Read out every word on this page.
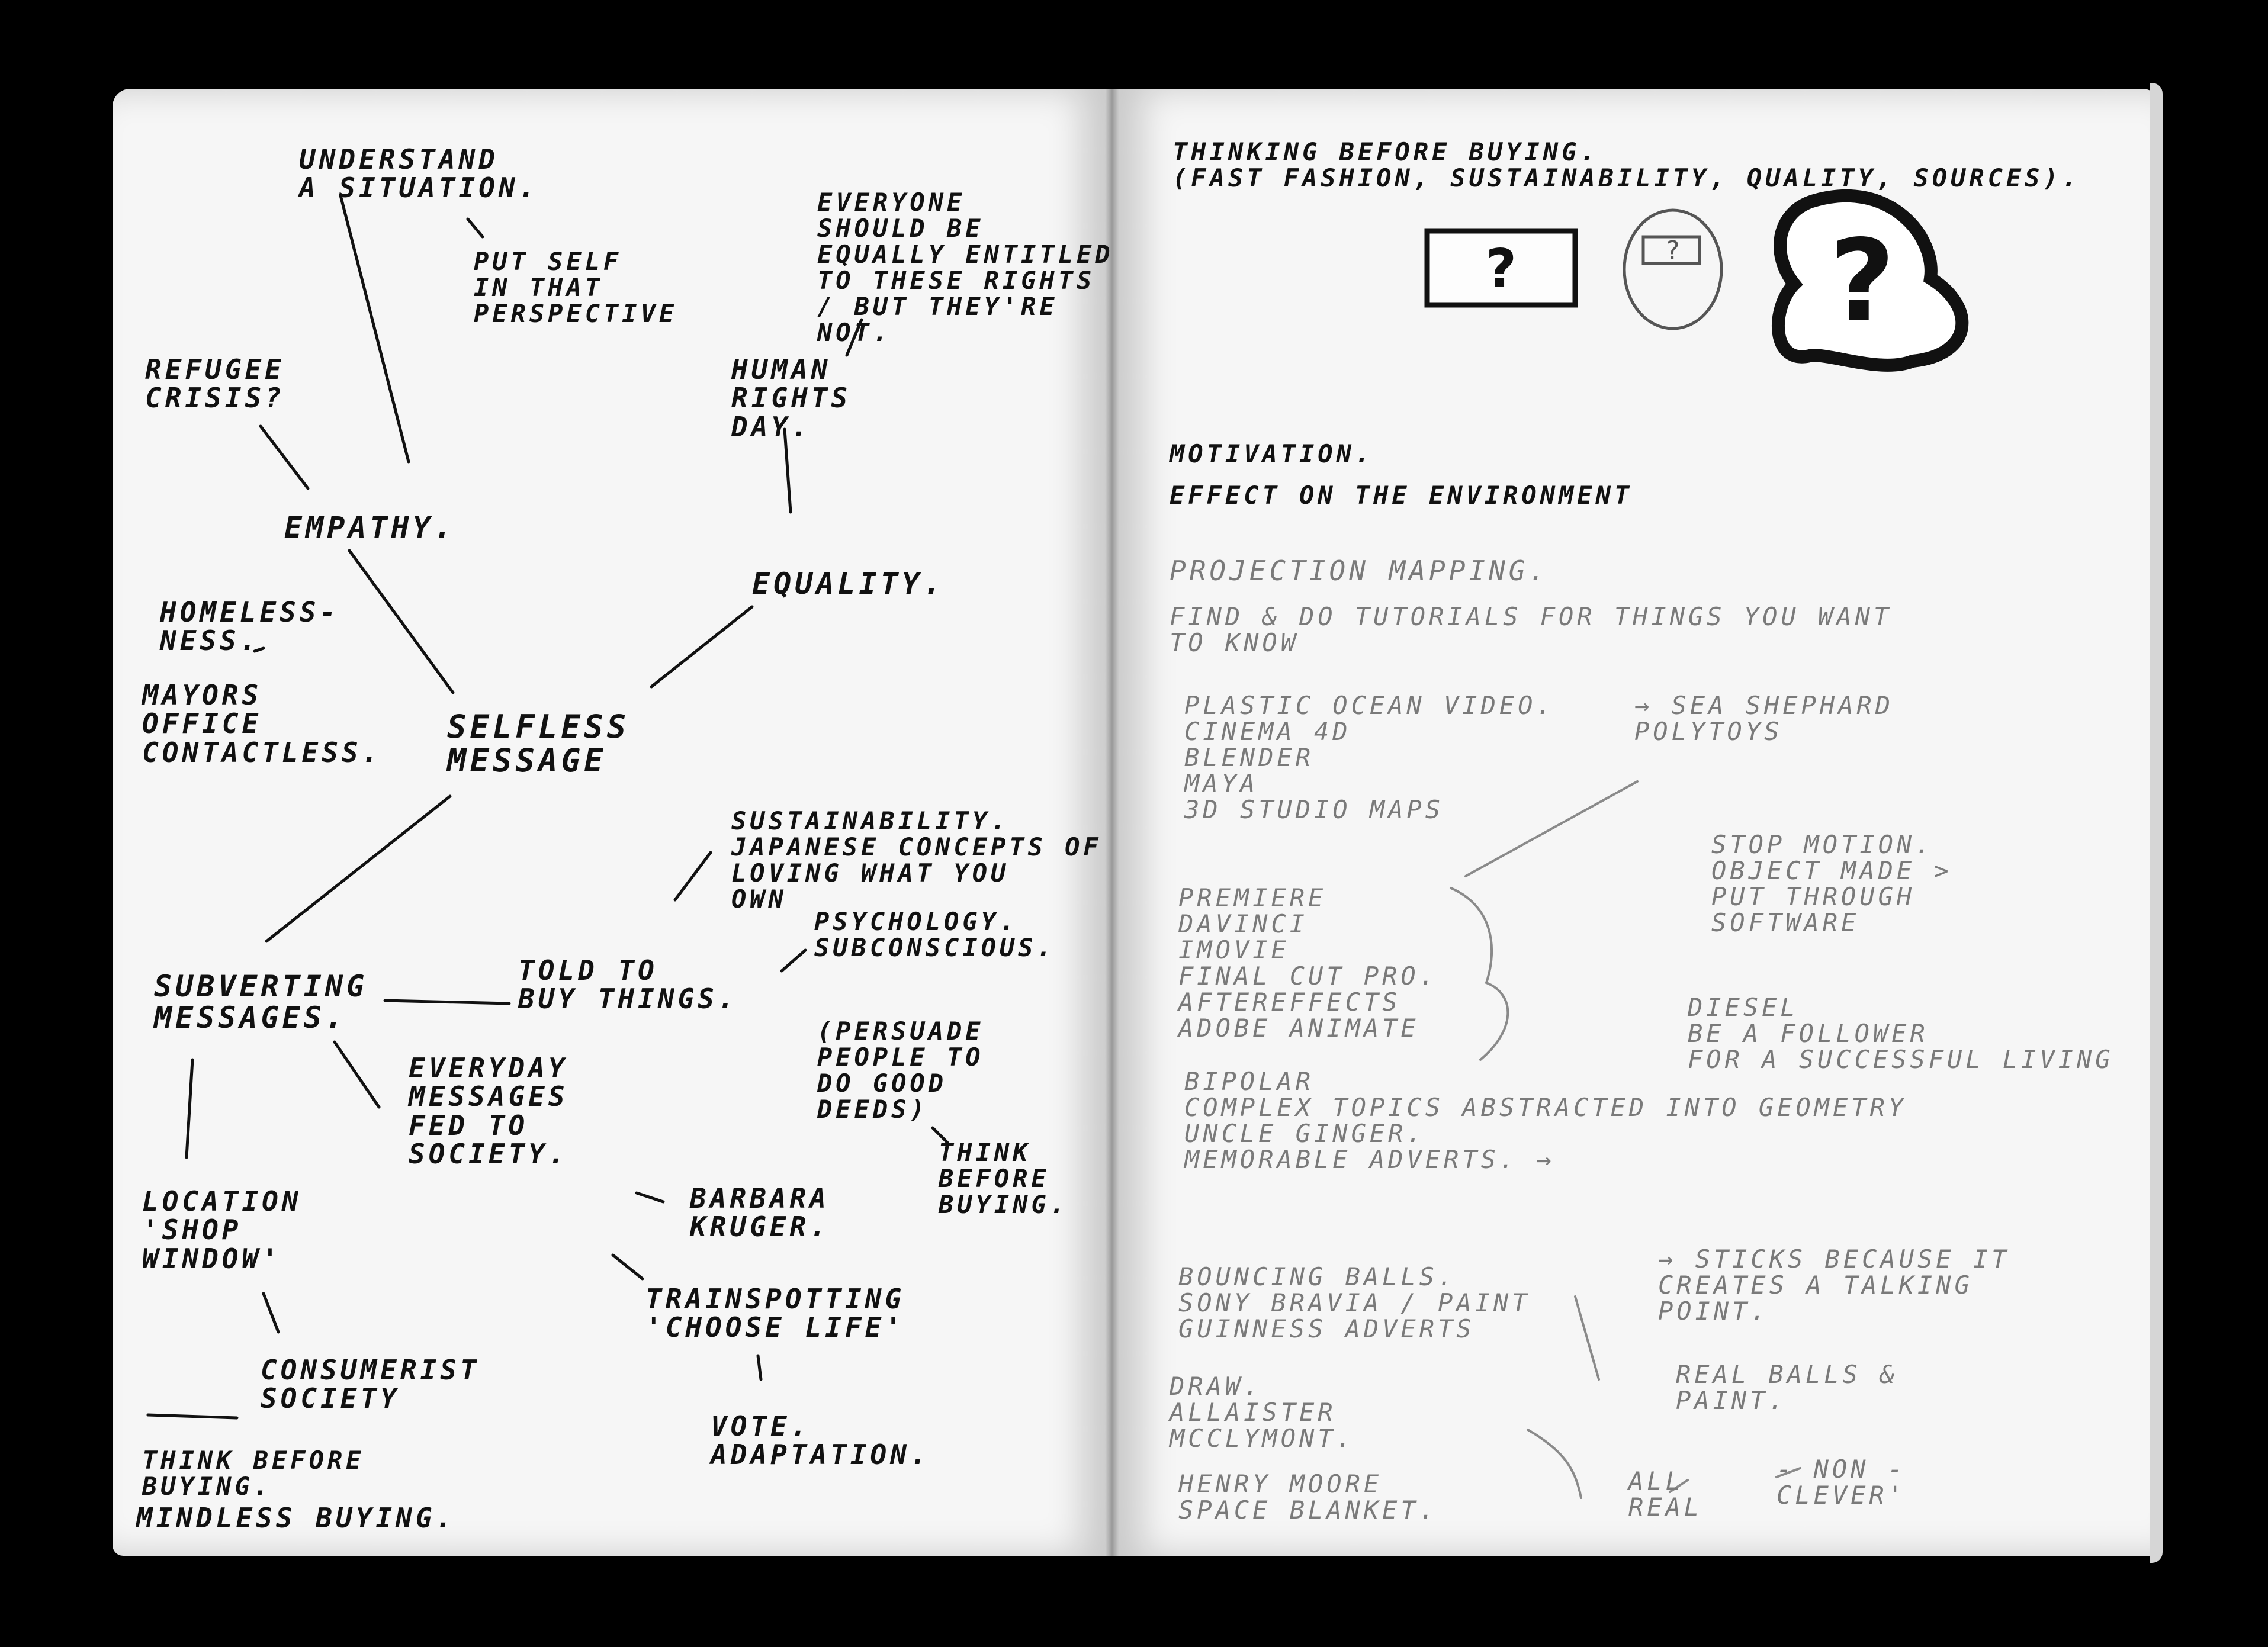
?	? ?

UNDERSTAND
A SITUATION.

PUT SELF
IN THAT
PERSPECTIVE

EVERYONE
SHOULD BE
EQUALLY ENTITLED
TO THESE RIGHTS
/ BUT THEY'RE
NOT.

REFUGEE
CRISIS?

HUMAN
RIGHTS
DAY.

EMPATHY.

EQUALITY.

HOMELESS-
NESS.

MAYORS
OFFICE
CONTACTLESS.

SELFLESS
MESSAGE

SUSTAINABILITY.
JAPANESE CONCEPTS OF
LOVING WHAT YOU
OWN

PSYCHOLOGY.
SUBCONSCIOUS.

SUBVERTING
MESSAGES.

TOLD TO
BUY THINGS.

(PERSUADE
PEOPLE TO
DO GOOD
DEEDS)

EVERYDAY
MESSAGES
FED TO
SOCIETY.	THINK
BEFORE
BUYING.

LOCATION
'SHOP
WINDOW'

BARBARA
KRUGER.

TRAINSPOTTING
'CHOOSE LIFE'

CONSUMERIST
SOCIETY

VOTE.
ADAPTATION.

THINK BEFORE
BUYING.

MINDLESS BUYING.

THINKING BEFORE BUYING.
(FAST FASHION, SUSTAINABILITY, QUALITY, SOURCES).

MOTIVATION.

EFFECT ON THE ENVIRONMENT

PROJECTION MAPPING.

FIND & DO TUTORIALS FOR THINGS YOU WANT
TO KNOW

PLASTIC OCEAN VIDEO.
CINEMA 4D
BLENDER
MAYA
3D STUDIO MAPS

→ SEA SHEPHARD
POLYTOYS

PREMIERE
DAVINCI
IMOVIE
FINAL CUT PRO.
AFTEREFFECTS
ADOBE ANIMATE

STOP MOTION.
OBJECT MADE >
PUT THROUGH
SOFTWARE

DIESEL
BE A FOLLOWER
FOR A SUCCESSFUL LIVING

BIPOLAR
COMPLEX TOPICS ABSTRACTED INTO GEOMETRY
UNCLE GINGER.
MEMORABLE ADVERTS. →

→ STICKS BECAUSE IT
CREATES A TALKING
POINT.

BOUNCING BALLS.
SONY BRAVIA / PAINT
GUINNESS ADVERTS

REAL BALLS &
PAINT.

DRAW.
ALLAISTER
MCCLYMONT.

HENRY MOORE
SPACE BLANKET.

ALL
REAL

- NON -
CLEVER'
